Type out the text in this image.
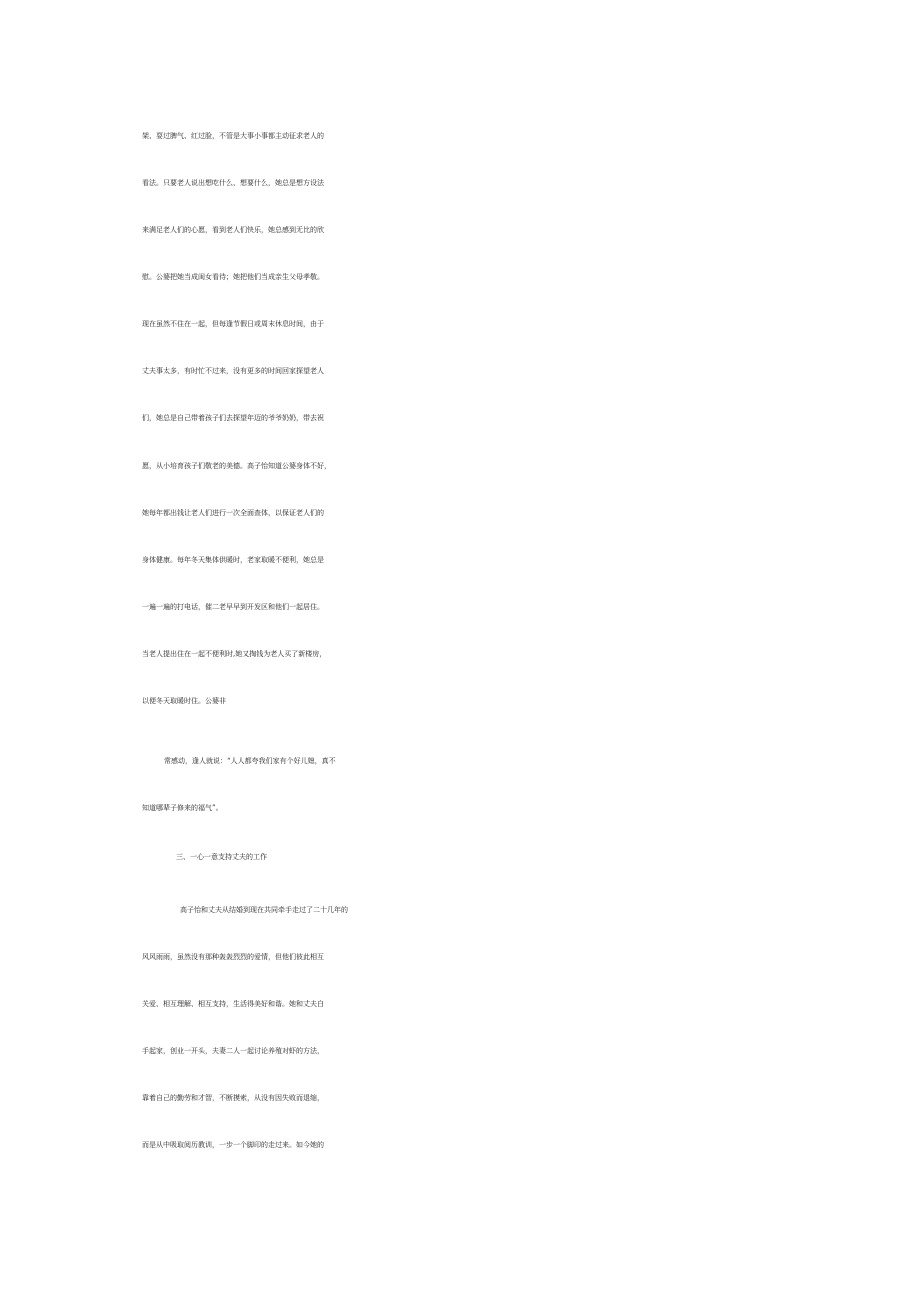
架、耍过脾气、红过脸，不管是大事小事都主动征求老人的
看法。只要老人说出想吃什么、想要什么，她总是想方设法
来满足老人们的心愿，看到老人们快乐，她总感到无比的欣
慰。公婆把她当成闺女看待；她把他们当成亲生父母孝敬。
现在虽然不住在一起，但每逢节假日或周末休息时间，由于
丈夫事太多，有时忙不过来，没有更多的时间回家探望老人
们，她总是自己带着孩子们去探望年迈的爷爷奶奶，带去祝
愿，从小培育孩子们敬老的美德。高子怡知道公婆身体不好，
她每年都出钱让老人们进行一次全面查体，以保证老人们的
身体健康。每年冬天集体供暖时，老家取暖不便利，她总是
一遍一遍的打电话，催二老早早到开发区和他们一起居住。
当老人提出住在一起不便利时,她又掏钱为老人买了新楼房，
以便冬天取暖时住。公婆非
常感动，逢人就说：“人人都夸我们家有个好儿媳，真不
知道哪辈子修来的福气”。
三、一心一意支持丈夫的工作
高子怡和丈夫从结婚到现在共同牵手走过了二十几年的
风风雨雨，虽然没有那种轰轰烈烈的爱情，但他们彼此相互
关爱、相互理解、相互支持，生活得美好和谐。她和丈夫白
手起家，创业一开头，夫妻二人一起讨论养殖对虾的方法，
靠着自己的勤劳和才智，不断摸索，从没有因失败而退缩，
而是从中吸取阅历教训，一步一个脚印的走过来。如今她的
